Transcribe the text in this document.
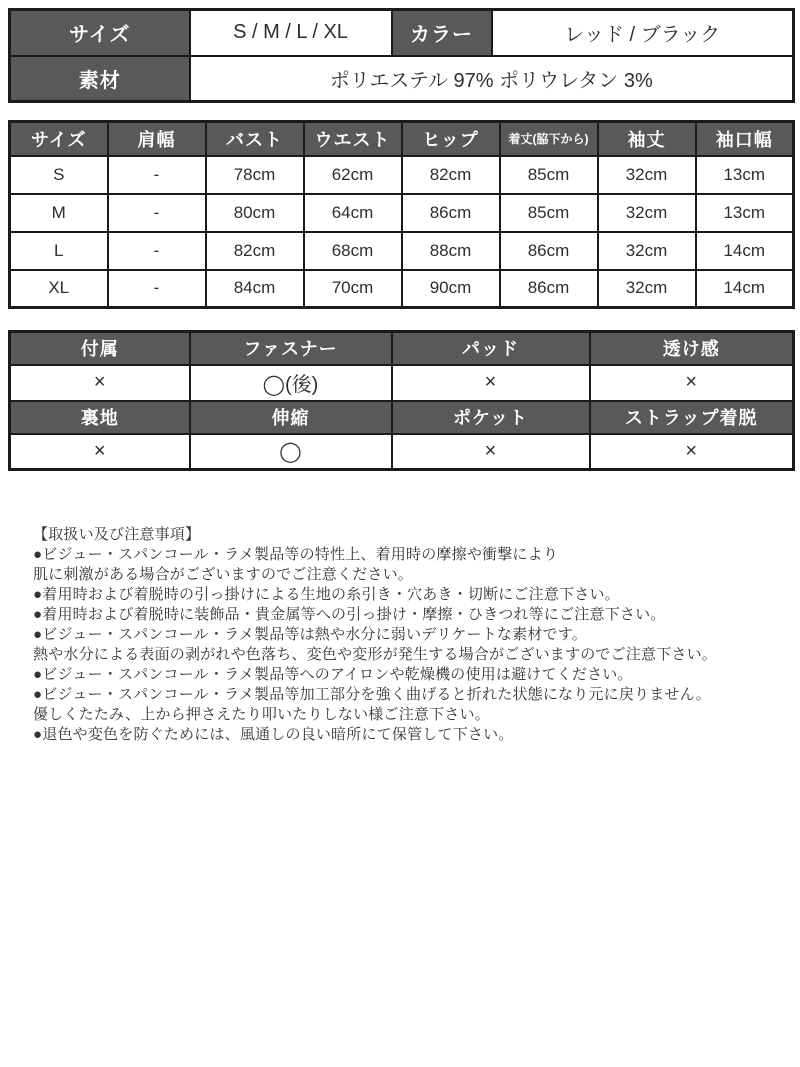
サイズ	S / M / L / XL	カラー	レッド / ブラック
素材	ポリエステル 97% ポリウレタン 3%		
サイズ	肩幅	バスト	ウエスト	ヒップ	着丈(脇下から)	袖丈	袖口幅
S	-	78cm	62cm	82cm	85cm	32cm	13cm
M	-	80cm	64cm	86cm	85cm	32cm	13cm
L	-	82cm	68cm	88cm	86cm	32cm	14cm
XL	-	84cm	70cm	90cm	86cm	32cm	14cm
付属	ファスナー	パッド	透け感
×	◯(後)	×	×
裏地	伸縮	ポケット	ストラップ着脱
×	◯	×	×
【取扱い及び注意事項】
●ビジュー・スパンコール・ラメ製品等の特性上、着用時の摩擦や衝撃により
肌に刺激がある場合がございますのでご注意ください。
●着用時および着脱時の引っ掛けによる生地の糸引き・穴あき・切断にご注意下さい。
●着用時および着脱時に装飾品・貴金属等への引っ掛け・摩擦・ひきつれ等にご注意下さい。
●ビジュー・スパンコール・ラメ製品等は熱や水分に弱いデリケートな素材です。
熱や水分による表面の剥がれや色落ち、変色や変形が発生する場合がございますのでご注意下さい。
●ビジュー・スパンコール・ラメ製品等へのアイロンや乾燥機の使用は避けてください。
●ビジュー・スパンコール・ラメ製品等加工部分を強く曲げると折れた状態になり元に戻りません。
優しくたたみ、上から押さえたり叩いたりしない様ご注意下さい。
●退色や変色を防ぐためには、風通しの良い暗所にて保管して下さい。
